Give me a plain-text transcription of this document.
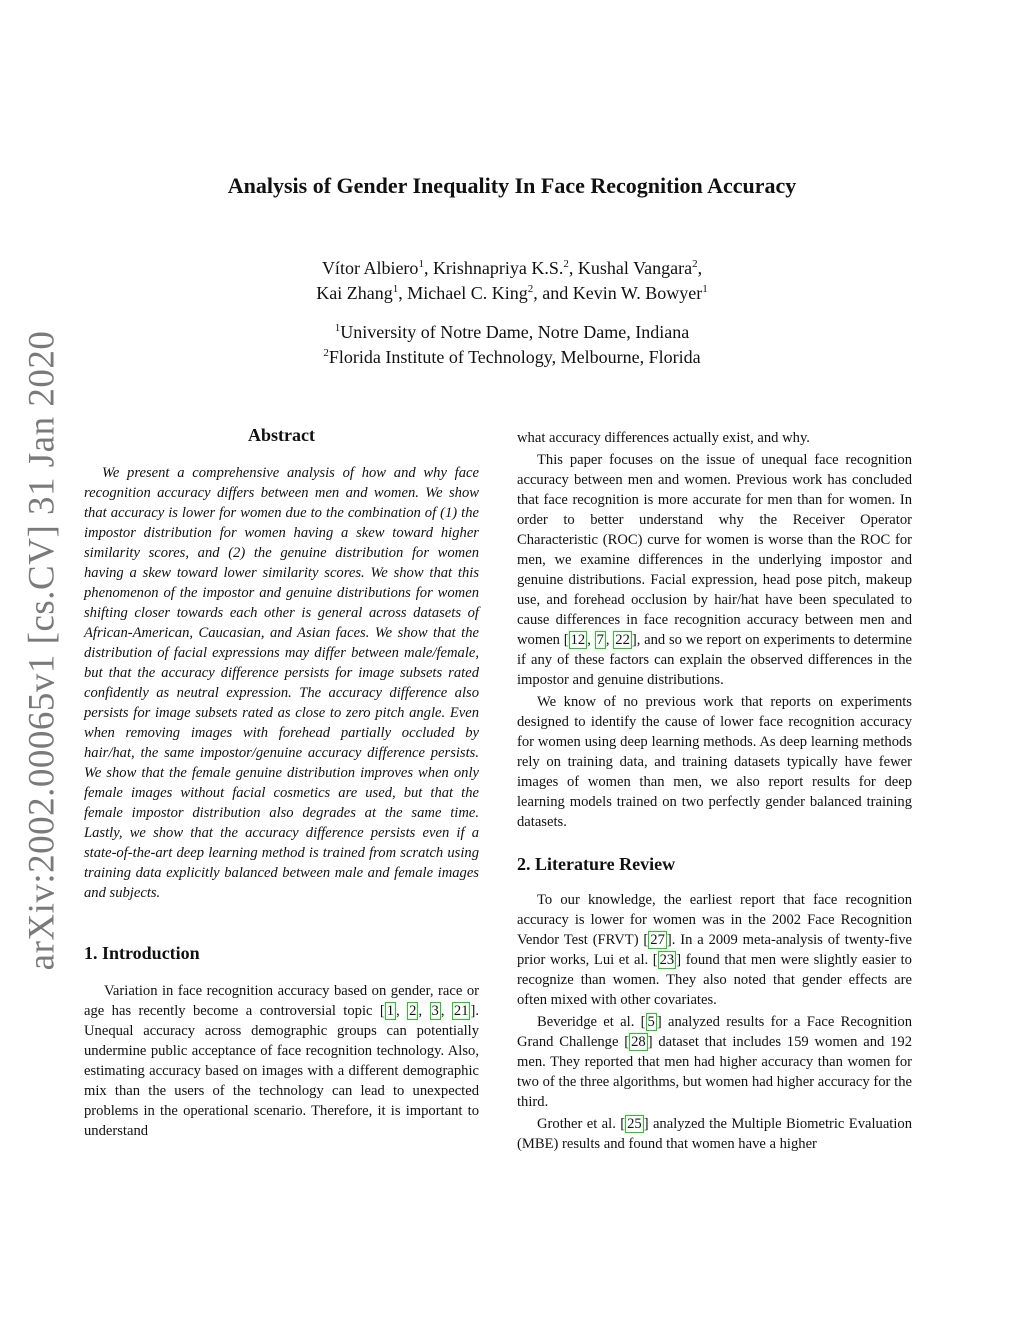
arXiv:2002.00065v1 [cs.CV] 31 Jan 2020
Analysis of Gender Inequality In Face Recognition Accuracy
Vítor Albiero$^1$, Krishnapriya K.S.$^2$, Kushal Vangara$^2$,
Kai Zhang$^1$, Michael C. King$^2$, and Kevin W. Bowyer$^1$
$^1$University of Notre Dame, Notre Dame, Indiana
$^2$Florida Institute of Technology, Melbourne, Florida
Abstract

We present a comprehensive analysis of how and why face recognition accuracy differs between men and women. We show that accuracy is lower for women due to the combination of (1) the impostor distribution for women having a skew toward higher similarity scores, and (2) the genuine distribution for women having a skew toward lower similarity scores. We show that this phenomenon of the impostor and genuine distributions for women shifting closer towards each other is general across datasets of African-American, Caucasian, and Asian faces. We show that the distribution of facial expressions may differ between male/female, but that the accuracy difference persists for image subsets rated confidently as neutral expression. The accuracy difference also persists for image subsets rated as close to zero pitch angle. Even when removing images with forehead partially occluded by hair/hat, the same impostor/genuine accuracy difference persists. We show that the female genuine distribution improves when only female images without facial cosmetics are used, but that the female impostor distribution also degrades at the same time. Lastly, we show that the accuracy difference persists even if a state-of-the-art deep learning method is trained from scratch using training data explicitly balanced between male and female images and subjects.

1. Introduction

Variation in face recognition accuracy based on gender, race or age has recently become a controversial topic [ 1 , 2 , 3 , 21 ]. Unequal accuracy across demographic groups can potentially undermine public acceptance of face recognition technology. Also, estimating accuracy based on images with a different demographic mix than the users of the technology can lead to unexpected problems in the operational scenario. Therefore, it is important to understand

what accuracy differences actually exist, and why.

This paper focuses on the issue of unequal face recognition accuracy between men and women. Previous work has concluded that face recognition is more accurate for men than for women. In order to better understand why the Receiver Operator Characteristic (ROC) curve for women is worse than the ROC for men, we examine differences in the underlying impostor and genuine distributions. Facial expression, head pose pitch, makeup use, and forehead occlusion by hair/hat have been speculated to cause differences in face recognition accuracy between men and women [ 12 , 7 , 22 ], and so we report on experiments to determine if any of these factors can explain the observed differences in the impostor and genuine distributions.

We know of no previous work that reports on experiments designed to identify the cause of lower face recognition accuracy for women using deep learning methods. As deep learning methods rely on training data, and training datasets typically have fewer images of women than men, we also report results for deep learning models trained on two perfectly gender balanced training datasets.

2. Literature Review

To our knowledge, the earliest report that face recognition accuracy is lower for women was in the 2002 Face Recognition Vendor Test (FRVT) [ 27 ]. In a 2009 meta-analysis of twenty-five prior works, Lui et al. [ 23 ] found that men were slightly easier to recognize than women. They also noted that gender effects are often mixed with other covariates.

Beveridge et al. [ 5 ] analyzed results for a Face Recognition Grand Challenge [ 28 ] dataset that includes 159 women and 192 men. They reported that men had higher accuracy than women for two of the three algorithms, but women had higher accuracy for the third.

Grother et al. [ 25 ] analyzed the Multiple Biometric Evaluation (MBE) results and found that women have a higher
